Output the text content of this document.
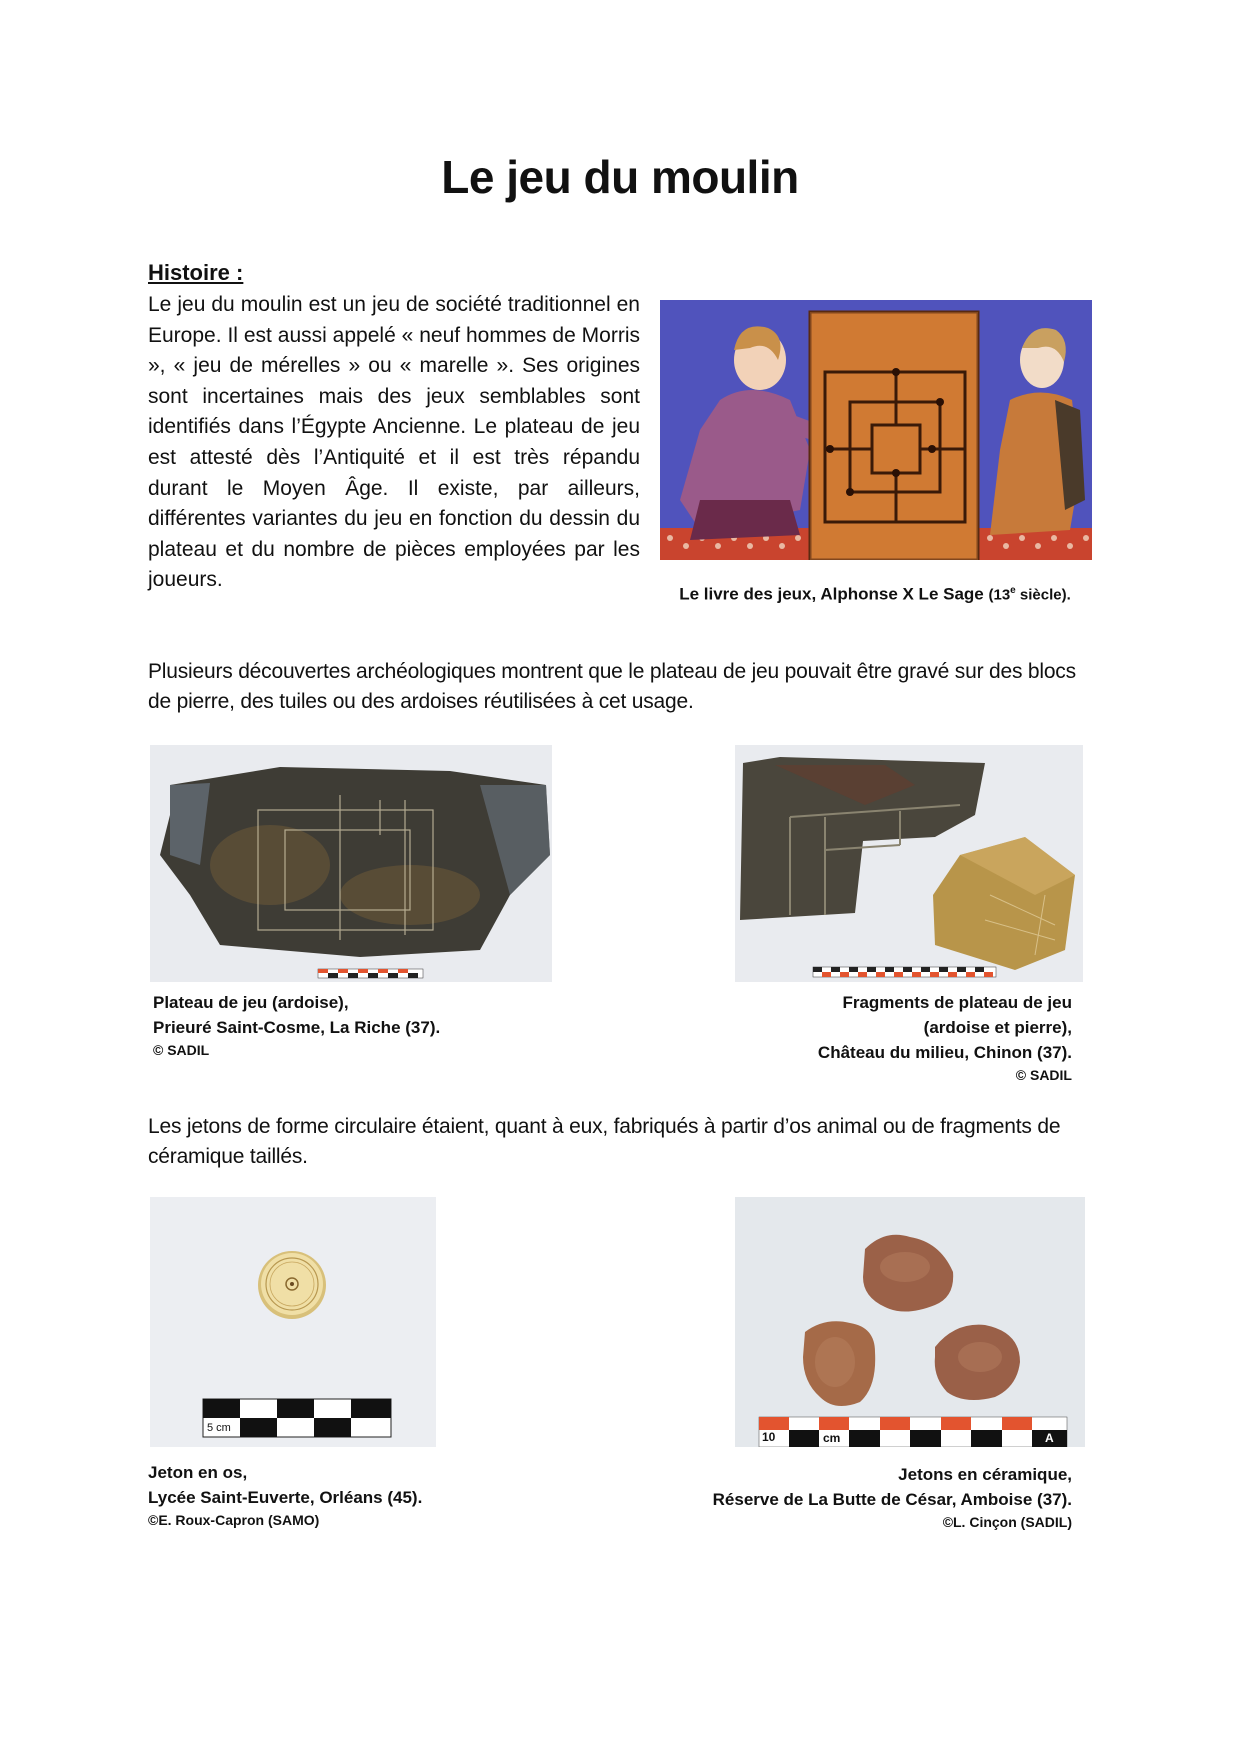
Le jeu du moulin
Histoire :
Le jeu du moulin est un jeu de société traditionnel en Europe. Il est aussi appelé « neuf hommes de Morris », « jeu de mérelles » ou « marelle ». Ses origines sont incertaines mais des jeux semblables sont identifiés dans l’Égypte Ancienne. Le plateau de jeu est attesté dès l’Antiquité et il est très répandu durant le Moyen Âge. Il existe, par ailleurs, différentes variantes du jeu en fonction du dessin du plateau et du nombre de pièces employées par les joueurs.
Le livre des jeux, Alphonse X Le Sage (13e siècle).
Plusieurs découvertes archéologiques montrent que le plateau de jeu pouvait être gravé sur des blocs de pierre, des tuiles ou des ardoises réutilisées à cet usage.
Plateau de jeu (ardoise),
Prieuré Saint-Cosme, La Riche (37).
© SADIL
Fragments de plateau de jeu
(ardoise et pierre),
Château du milieu, Chinon (37).
© SADIL
Les jetons de forme circulaire étaient, quant à eux, fabriqués à partir d’os animal ou de fragments de céramique taillés.
5 cm
Jeton en os,
Lycée Saint-Euverte, Orléans (45).
©E. Roux-Capron (SAMO)
10	cm	A
Jetons en céramique,
Réserve de La Butte de César, Amboise (37).
©L. Cinçon (SADIL)
